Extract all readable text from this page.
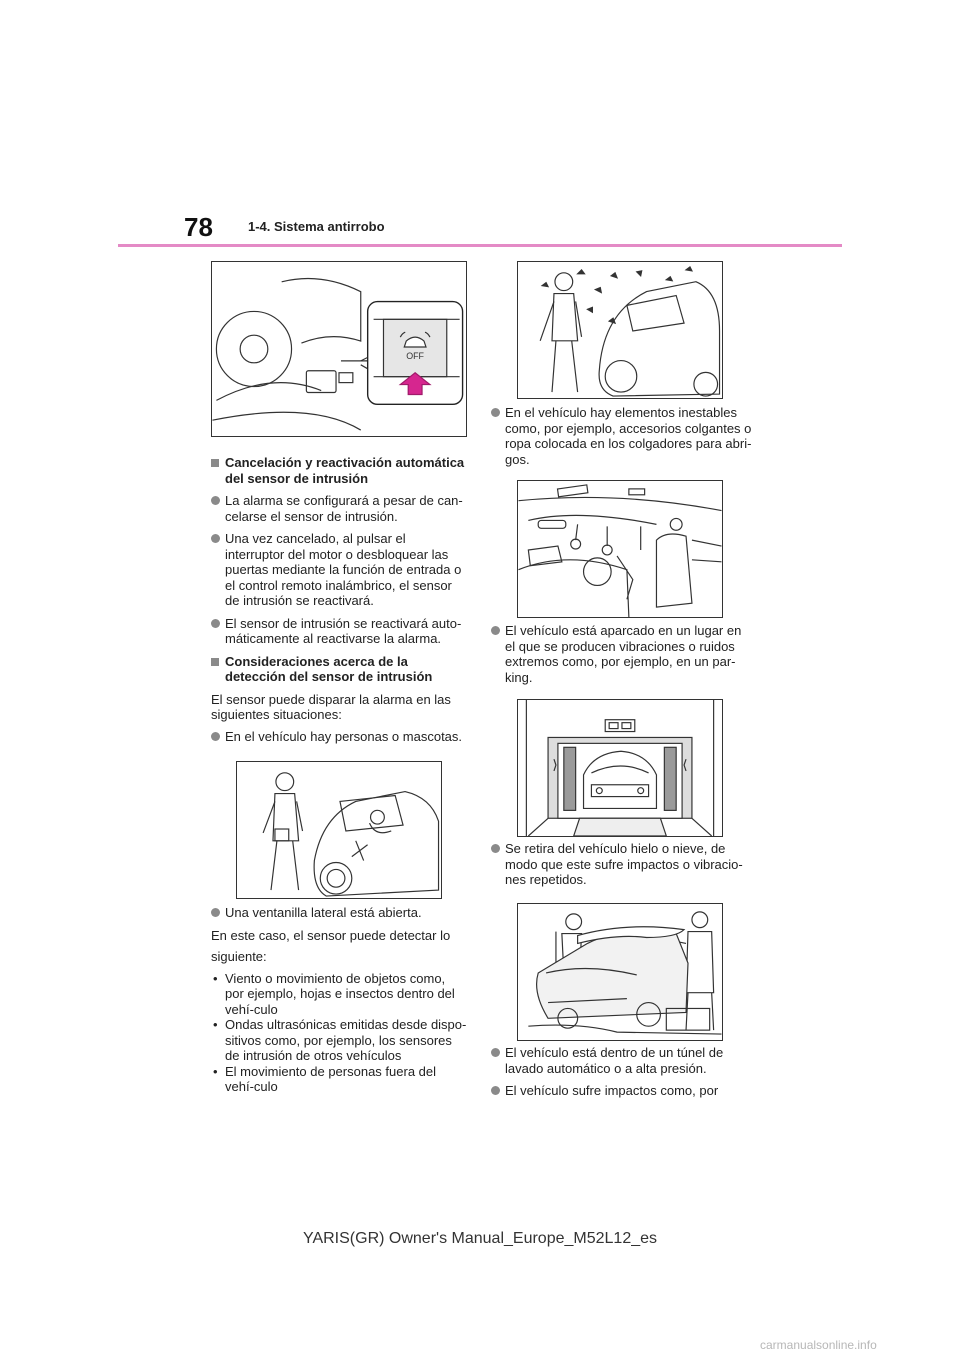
78	1-4. Sistema antirrobo
OFF
Cancelación y reactivación automática del sensor de intrusión
La alarma se configurará a pesar de can-celarse el sensor de intrusión.
Una vez cancelado, al pulsar el interruptor del motor o desbloquear las puertas mediante la función de entrada o el control remoto inalámbrico, el sensor de intrusión se reactivará.
El sensor de intrusión se reactivará auto-máticamente al reactivarse la alarma.
Consideraciones acerca de la detección del sensor de intrusión
El sensor puede disparar la alarma en las siguientes situaciones:
En el vehículo hay personas o mascotas.
Una ventanilla lateral está abierta.
En este caso, el sensor puede detectar lo
siguiente:
• Viento o movimiento de objetos como, por ejemplo, hojas e insectos dentro del vehí-culo
• Ondas ultrasónicas emitidas desde dispo-sitivos como, por ejemplo, los sensores de intrusión de otros vehículos
• El movimiento de personas fuera del vehí-culo
En el vehículo hay elementos inestables como, por ejemplo, accesorios colgantes o ropa colocada en los colgadores para abri-gos.
El vehículo está aparcado en un lugar en el que se producen vibraciones o ruidos extremos como, por ejemplo, en un par-king.
Se retira del vehículo hielo o nieve, de modo que este sufre impactos o vibracio-nes repetidos.
El vehículo está dentro de un túnel de lavado automático o a alta presión.
El vehículo sufre impactos como, por
YARIS(GR) Owner's Manual_Europe_M52L12_es
carmanualsonline.info
